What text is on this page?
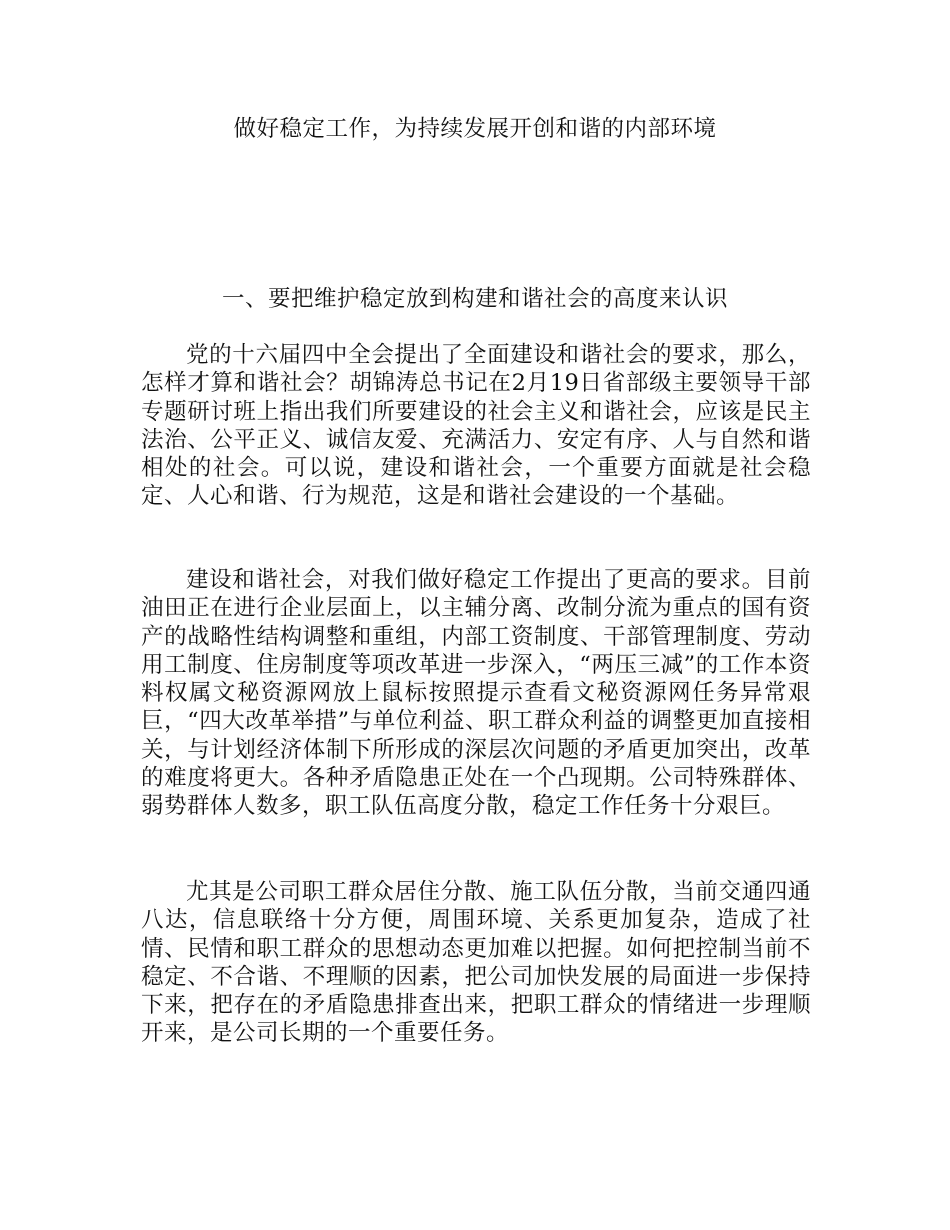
做好稳定工作，为持续发展开创和谐的内部环境
一、要把维护稳定放到构建和谐社会的高度来认识

党的十六届四中全会提出了全面建设和谐社会的要求，那么，怎样才算和谐社会？胡锦涛总书记在2月19日省部级主要领导干部专题研讨班上指出我们所要建设的社会主义和谐社会，应该是民主法治、公平正义、诚信友爱、充满活力、安定有序、人与自然和谐相处的社会。可以说，建设和谐社会，一个重要方面就是社会稳定、人心和谐、行为规范，这是和谐社会建设的一个基础。

建设和谐社会，对我们做好稳定工作提出了更高的要求。目前油田正在进行企业层面上，以主辅分离、改制分流为重点的国有资产的战略性结构调整和重组，内部工资制度、干部管理制度、劳动用工制度、住房制度等项改革进一步深入，“两压三减”的工作本资料权属文秘资源网放上鼠标按照提示查看文秘资源网任务异常艰巨，“四大改革举措”与单位利益、职工群众利益的调整更加直接相关，与计划经济体制下所形成的深层次问题的矛盾更加突出，改革的难度将更大。各种矛盾隐患正处在一个凸现期。公司特殊群体、弱势群体人数多，职工队伍高度分散，稳定工作任务十分艰巨。

尤其是公司职工群众居住分散、施工队伍分散，当前交通四通八达，信息联络十分方便，周围环境、关系更加复杂，造成了社情、民情和职工群众的思想动态更加难以把握。如何把控制当前不稳定、不合谐、不理顺的因素，把公司加快发展的局面进一步保持下来，把存在的矛盾隐患排查出来，把职工群众的情绪进一步理顺开来，是公司长期的一个重要任务。
